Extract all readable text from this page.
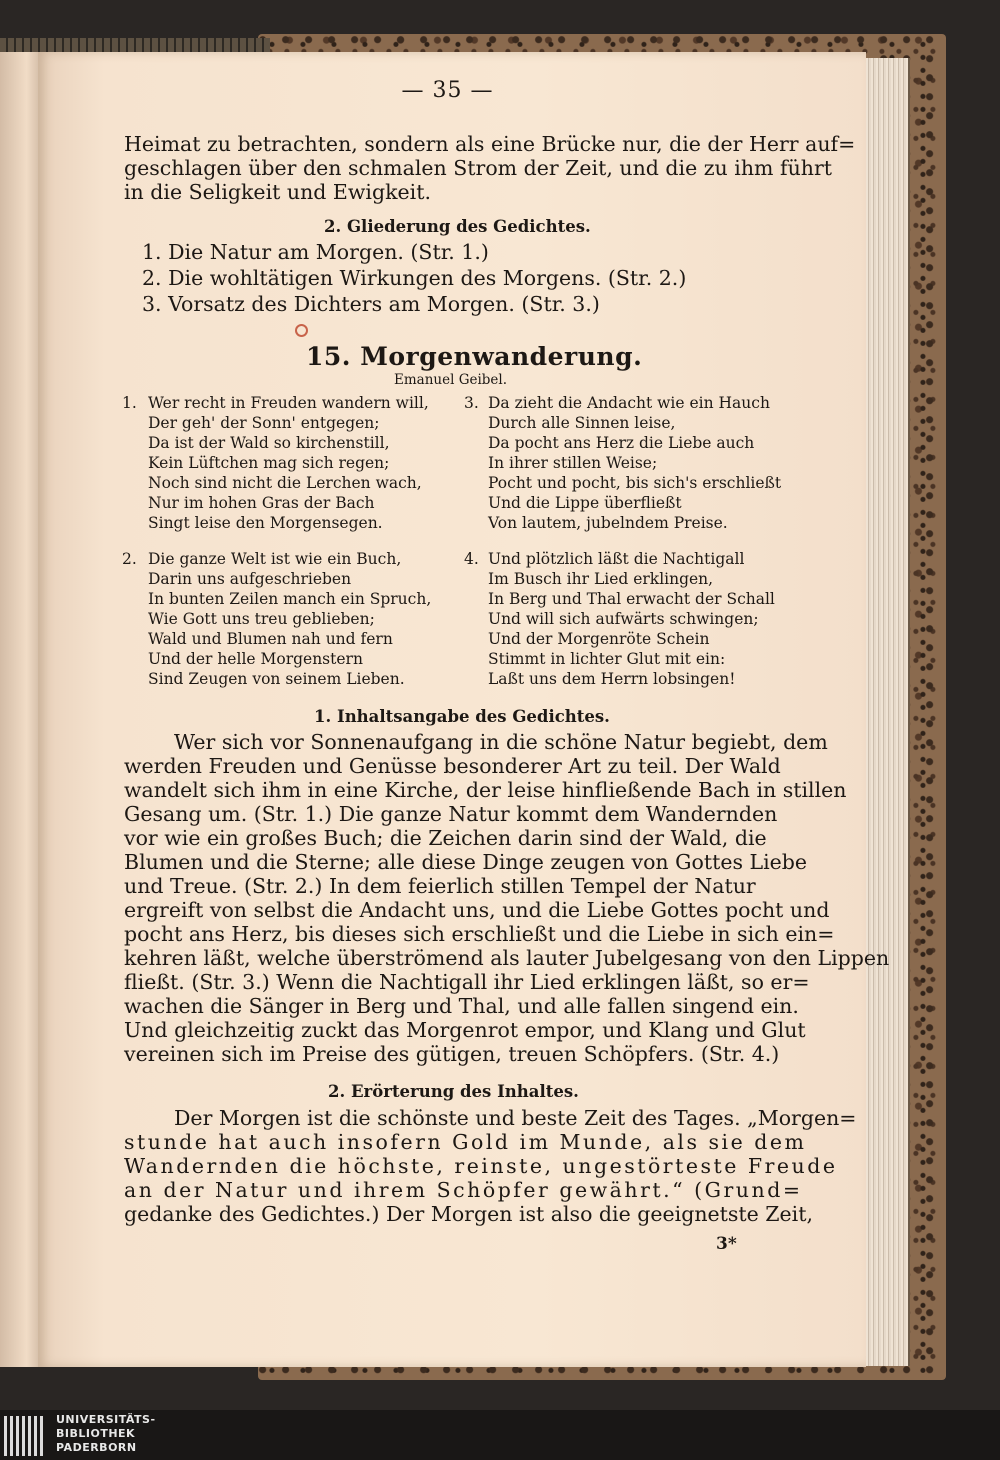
— 35 —
Heimat zu betrachten, sondern als eine Brücke nur, die der Herr auf=
geschlagen über den schmalen Strom der Zeit, und die zu ihm führt
in die Seligkeit und Ewigkeit.
2. Gliederung des Gedichtes.
1. Die Natur am Morgen. (Str. 1.)
2. Die wohltätigen Wirkungen des Morgens. (Str. 2.)
3. Vorsatz des Dichters am Morgen. (Str. 3.)
15. Morgenwanderung.
Emanuel Geibel.
1. Wer recht in Freuden wandern will,
Der geh' der Sonn' entgegen;
Da ist der Wald so kirchenstill,
Kein Lüftchen mag sich regen;
Noch sind nicht die Lerchen wach,
Nur im hohen Gras der Bach
Singt leise den Morgensegen.
3. Da zieht die Andacht wie ein Hauch
Durch alle Sinnen leise,
Da pocht ans Herz die Liebe auch
In ihrer stillen Weise;
Pocht und pocht, bis sich's erschließt
Und die Lippe überfließt
Von lautem, jubelndem Preise.
2. Die ganze Welt ist wie ein Buch,
Darin uns aufgeschrieben
In bunten Zeilen manch ein Spruch,
Wie Gott uns treu geblieben;
Wald und Blumen nah und fern
Und der helle Morgenstern
Sind Zeugen von seinem Lieben.
4. Und plötzlich läßt die Nachtigall
Im Busch ihr Lied erklingen,
In Berg und Thal erwacht der Schall
Und will sich aufwärts schwingen;
Und der Morgenröte Schein
Stimmt in lichter Glut mit ein:
Laßt uns dem Herrn lobsingen!
1. Inhaltsangabe des Gedichtes.
Wer sich vor Sonnenaufgang in die schöne Natur begiebt, dem
werden Freuden und Genüsse besonderer Art zu teil. Der Wald
wandelt sich ihm in eine Kirche, der leise hinfließende Bach in stillen
Gesang um. (Str. 1.) Die ganze Natur kommt dem Wandernden
vor wie ein großes Buch; die Zeichen darin sind der Wald, die
Blumen und die Sterne; alle diese Dinge zeugen von Gottes Liebe
und Treue. (Str. 2.) In dem feierlich stillen Tempel der Natur
ergreift von selbst die Andacht uns, und die Liebe Gottes pocht und
pocht ans Herz, bis dieses sich erschließt und die Liebe in sich ein=
kehren läßt, welche überströmend als lauter Jubelgesang von den Lippen
fließt. (Str. 3.) Wenn die Nachtigall ihr Lied erklingen läßt, so er=
wachen die Sänger in Berg und Thal, und alle fallen singend ein.
Und gleichzeitig zuckt das Morgenrot empor, und Klang und Glut
vereinen sich im Preise des gütigen, treuen Schöpfers. (Str. 4.)
2. Erörterung des Inhaltes.
Der Morgen ist die schönste und beste Zeit des Tages. „Morgen=
stunde hat auch insofern Gold im Munde, als sie dem
Wandernden die höchste, reinste, ungestörteste Freude
an der Natur und ihrem Schöpfer gewährt.“ (Grund=
gedanke des Gedichtes.) Der Morgen ist also die geeignetste Zeit,
3*
UNIVERSITÄTS-
BIBLIOTHEK
PADERBORN
